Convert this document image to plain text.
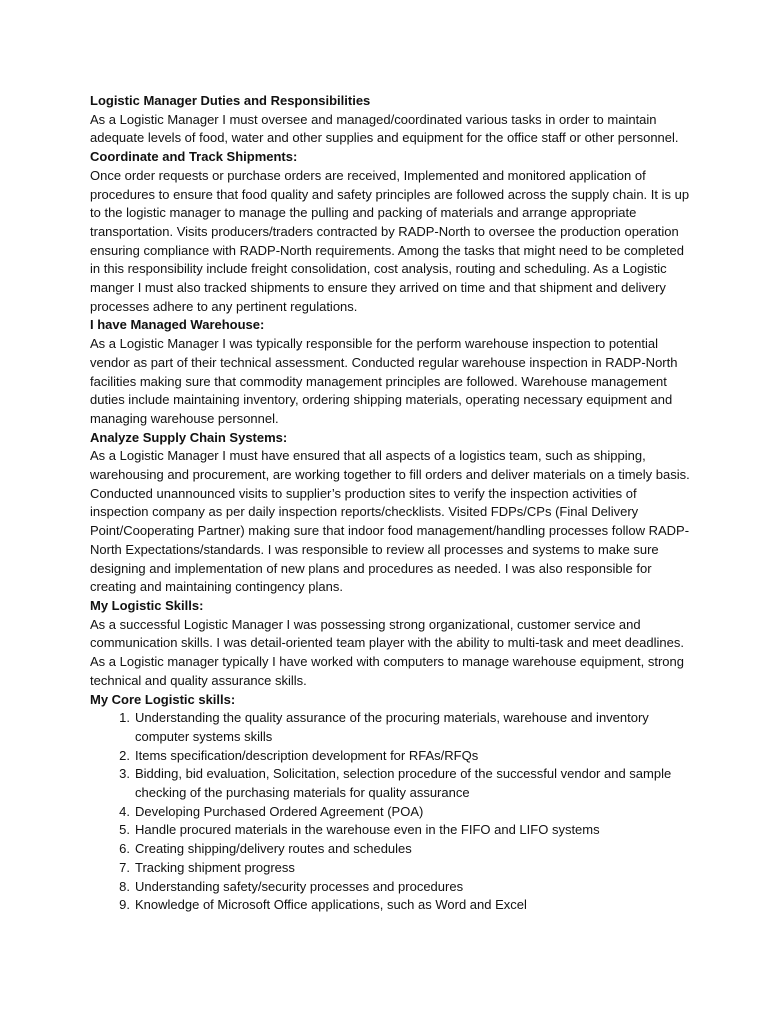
Logistic Manager Duties and Responsibilities

As a Logistic Manager I must oversee and managed/coordinated various tasks in order to maintain adequate levels of food, water and other supplies and equipment for the office staff or other personnel.

Coordinate and Track Shipments:

Once order requests or purchase orders are received, Implemented and monitored application of procedures to ensure that food quality and safety principles are followed across the supply chain. It is up to the logistic manager to manage the pulling and packing of materials and arrange appropriate transportation. Visits producers/traders contracted by RADP-North to oversee the production operation ensuring compliance with RADP-North requirements. Among the tasks that might need to be completed in this responsibility include freight consolidation, cost analysis, routing and scheduling. As a Logistic manger I must also tracked shipments to ensure they arrived on time and that shipment and delivery processes adhere to any pertinent regulations.

I have Managed Warehouse:

As a Logistic Manager I was typically responsible for the perform warehouse inspection to potential vendor as part of their technical assessment. Conducted regular warehouse inspection in RADP-North facilities making sure that commodity management principles are followed. Warehouse management duties include maintaining inventory, ordering shipping materials, operating necessary equipment and managing warehouse personnel.

Analyze Supply Chain Systems:

As a Logistic Manager I must have ensured that all aspects of a logistics team, such as shipping, warehousing and procurement, are working together to fill orders and deliver materials on a timely basis. Conducted unannounced visits to supplier’s production sites to verify the inspection activities of inspection company as per daily inspection reports/checklists. Visited FDPs/CPs (Final Delivery Point/Cooperating Partner) making sure that indoor food management/handling processes follow RADP-North Expectations/standards. I was responsible to review all processes and systems to make sure designing and implementation of new plans and procedures as needed. I was also responsible for creating and maintaining contingency plans.

My Logistic Skills:

As a successful Logistic Manager I was possessing strong organizational, customer service and communication skills. I was detail-oriented team player with the ability to multi-task and meet deadlines. As a Logistic manager typically I have worked with computers to manage warehouse equipment, strong technical and quality assurance skills.

My Core Logistic skills:
1. Understanding the quality assurance of the procuring materials, warehouse and inventory computer systems skills
2. Items specification/description development for RFAs/RFQs
3. Bidding, bid evaluation, Solicitation, selection procedure of the successful vendor and sample checking of the purchasing materials for quality assurance
4. Developing Purchased Ordered Agreement (POA)
5. Handle procured materials in the warehouse even in the FIFO and LIFO systems
6. Creating shipping/delivery routes and schedules
7. Tracking shipment progress
8. Understanding safety/security processes and procedures
9. Knowledge of Microsoft Office applications, such as Word and Excel
